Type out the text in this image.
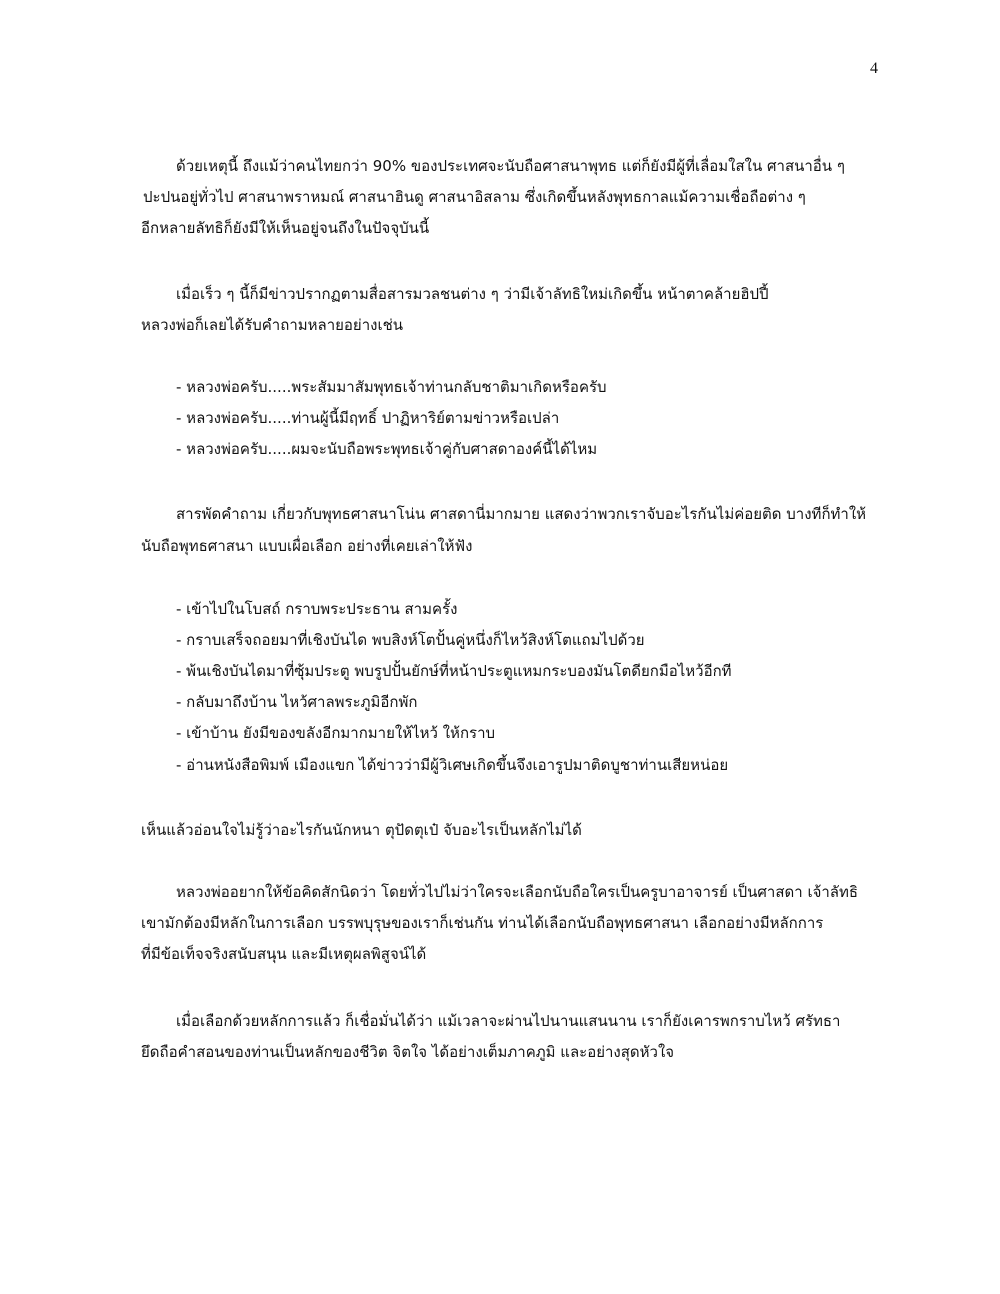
4
ด้วยเหตุนี้ ถึงแม้ว่าคนไทยกว่า 90% ของประเทศจะนับถือศาสนาพุทธ แต่ก็ยังมีผู้ที่เลื่อมใสใน ศาสนาอื่น ๆ
ปะปนอยู่ทั่วไป ศาสนาพราหมณ์ ศาสนาฮินดู ศาสนาอิสลาม ซึ่งเกิดขึ้นหลังพุทธกาลแม้ความเชื่อถือต่าง ๆ
อีกหลายลัทธิก็ยังมีให้เห็นอยู่จนถึงในปัจจุบันนี้
เมื่อเร็ว ๆ นี้ก็มีข่าวปรากฏตามสื่อสารมวลชนต่าง ๆ ว่ามีเจ้าลัทธิใหม่เกิดขึ้น หน้าตาคล้ายฮิปปี้
หลวงพ่อก็เลยได้รับคำถามหลายอย่างเช่น
- หลวงพ่อครับ.....พระสัมมาสัมพุทธเจ้าท่านกลับชาติมาเกิดหรือครับ
- หลวงพ่อครับ.....ท่านผู้นี้มีฤทธิ์ ปาฏิหาริย์ตามข่าวหรือเปล่า
- หลวงพ่อครับ.....ผมจะนับถือพระพุทธเจ้าคู่กับศาสดาองค์นี้ได้ไหม
สารพัดคำถาม เกี่ยวกับพุทธศาสนาโน่น ศาสดานี่มากมาย แสดงว่าพวกเราจับอะไรกันไม่ค่อยติด บางทีก็ทำให้
นับถือพุทธศาสนา แบบเผื่อเลือก อย่างที่เคยเล่าให้ฟัง
- เข้าไปในโบสถ์ กราบพระประธาน สามครั้ง
- กราบเสร็จถอยมาที่เชิงบันได พบสิงห์โตปั้นคู่หนึ่งก็ไหว้สิงห์โตแถมไปด้วย
- พ้นเชิงบันไดมาที่ซุ้มประตู พบรูปปั้นยักษ์ที่หน้าประตูแหมกระบองมันโตดียกมือไหว้อีกที
- กลับมาถึงบ้าน ไหว้ศาลพระภูมิอีกพัก
- เข้าบ้าน ยังมีของขลังอีกมากมายให้ไหว้ ให้กราบ
- อ่านหนังสือพิมพ์ เมืองแขก ได้ข่าวว่ามีผู้วิเศษเกิดขึ้นจึงเอารูปมาติดบูชาท่านเสียหน่อย
เห็นแล้วอ่อนใจไม่รู้ว่าอะไรกันนักหนา ตุปัดตุเป๋ จับอะไรเป็นหลักไม่ได้
หลวงพ่ออยากให้ข้อคิดสักนิดว่า โดยทั่วไปไม่ว่าใครจะเลือกนับถือใครเป็นครูบาอาจารย์ เป็นศาสดา เจ้าลัทธิ
เขามักต้องมีหลักในการเลือก บรรพบุรุษของเราก็เช่นกัน ท่านได้เลือกนับถือพุทธศาสนา เลือกอย่างมีหลักการ
ที่มีข้อเท็จจริงสนับสนุน และมีเหตุผลพิสูจน์ได้
เมื่อเลือกด้วยหลักการแล้ว ก็เชื่อมั่นได้ว่า แม้เวลาจะผ่านไปนานแสนนาน เราก็ยังเคารพกราบไหว้ ศรัทธา
ยึดถือคำสอนของท่านเป็นหลักของชีวิต จิตใจ ได้อย่างเต็มภาคภูมิ และอย่างสุดหัวใจ
